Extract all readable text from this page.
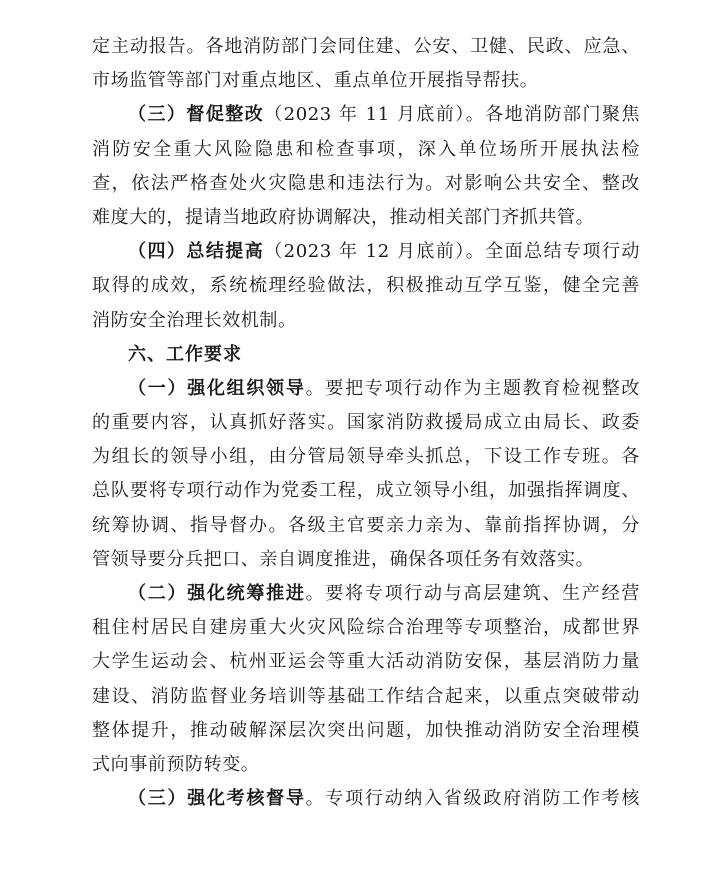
定主动报告。各地消防部门会同住建、公安、卫健、民政、应急、
市场监管等部门对重点地区、重点单位开展指导帮扶。
（三）督促整改（2023 年 11 月底前）。各地消防部门聚焦
消防安全重大风险隐患和检查事项，深入单位场所开展执法检
查，依法严格查处火灾隐患和违法行为。对影响公共安全、整改
难度大的，提请当地政府协调解决，推动相关部门齐抓共管。
（四）总结提高（2023 年 12 月底前）。全面总结专项行动
取得的成效，系统梳理经验做法，积极推动互学互鉴，健全完善
消防安全治理长效机制。
六、工作要求
（一）强化组织领导。要把专项行动作为主题教育检视整改
的重要内容，认真抓好落实。国家消防救援局成立由局长、政委
为组长的领导小组，由分管局领导牵头抓总，下设工作专班。各
总队要将专项行动作为党委工程，成立领导小组，加强指挥调度、
统筹协调、指导督办。各级主官要亲力亲为、靠前指挥协调，分
管领导要分兵把口、亲自调度推进，确保各项任务有效落实。
（二）强化统筹推进。要将专项行动与高层建筑、生产经营
租住村居民自建房重大火灾风险综合治理等专项整治，成都世界
大学生运动会、杭州亚运会等重大活动消防安保，基层消防力量
建设、消防监督业务培训等基础工作结合起来，以重点突破带动
整体提升，推动破解深层次突出问题，加快推动消防安全治理模
式向事前预防转变。
（三）强化考核督导。专项行动纳入省级政府消防工作考核
